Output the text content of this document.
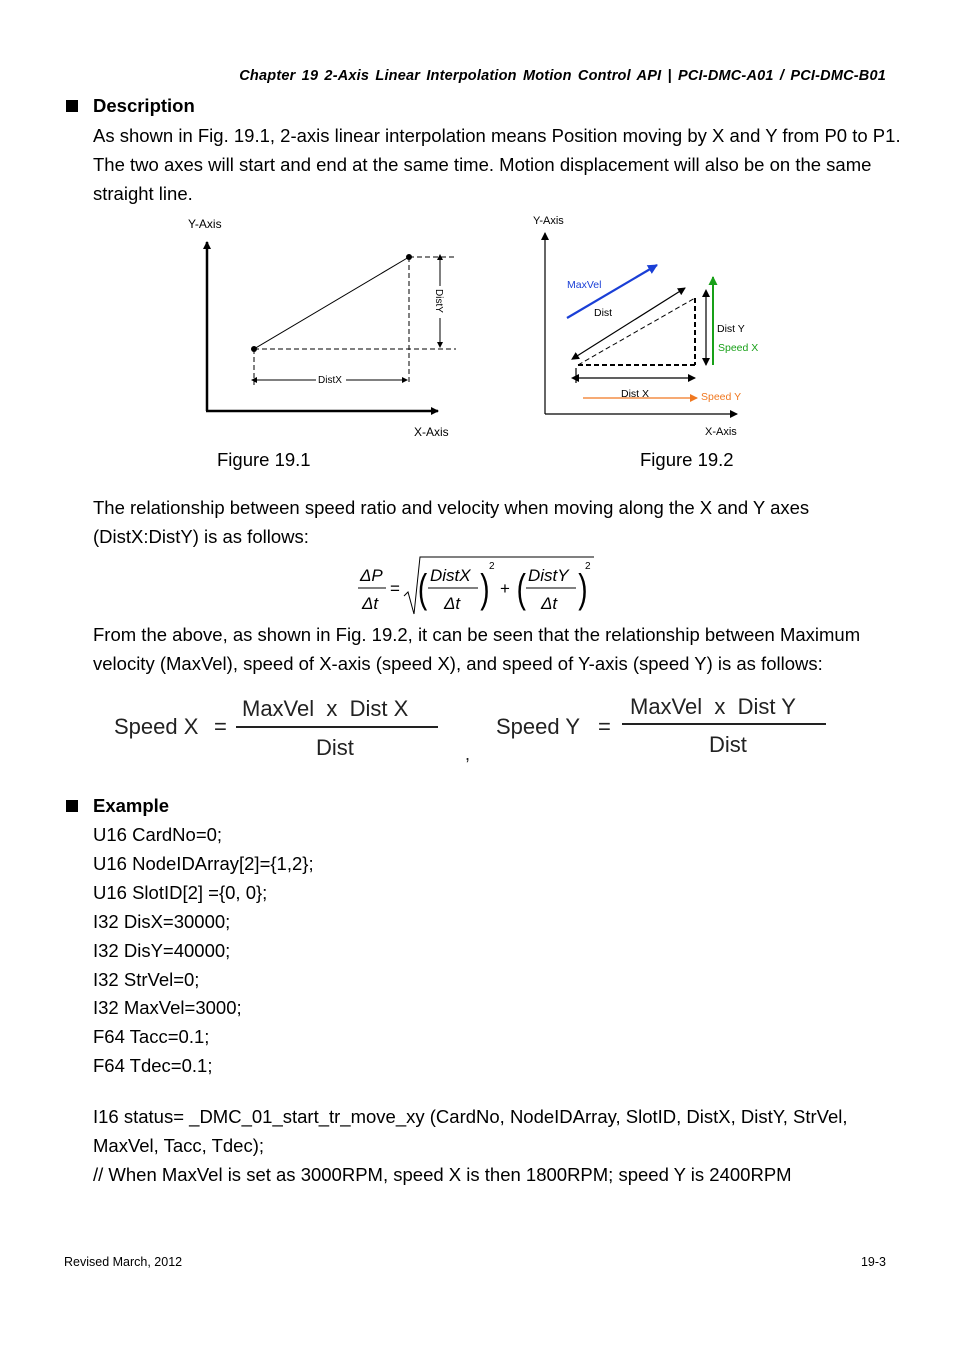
Chapter 19 2-Axis Linear Interpolation Motion Control API | PCI-DMC-A01 / PCI-DMC-B01
Description
As shown in Fig. 19.1, 2-axis linear interpolation means Position moving by X and Y from P0 to P1. The two axes will start and end at the same time. Motion displacement will also be on the same straight line.
Y-Axis
DistX
DistY
X-Axis
Y-Axis
MaxVel
Dist
Dist Y
Speed X
Dist X	Speed Y
X-Axis
Figure 19.1	Figure 19.2
The relationship between speed ratio and velocity when moving along the X and Y axes (DistX:DistY) is as follows:
ΔP
Δt
= ( DistX
Δt )
2
+ ( DistY
Δt )
2
From the above, as shown in Fig. 19.2, it can be seen that the relationship between Maximum velocity (MaxVel), speed of X-axis (speed X), and speed of Y-axis (speed Y) is as follows:
Speed X =
MaxVel  x  Dist X
Dist	,
Speed Y =
MaxVel  x  Dist Y
Dist
Example
U16 CardNo=0;
U16 NodeIDArray[2]={1,2};
U16 SlotID[2] ={0, 0};
I32 DisX=30000;
I32 DisY=40000;
I32 StrVel=0;
I32 MaxVel=3000;
F64 Tacc=0.1;
F64 Tdec=0.1;
I16 status= _DMC_01_start_tr_move_xy (CardNo, NodeIDArray, SlotID, DistX, DistY, StrVel,
MaxVel, Tacc, Tdec);
// When MaxVel is set as 3000RPM, speed X is then 1800RPM; speed Y is 2400RPM
Revised March, 2012	19-3
